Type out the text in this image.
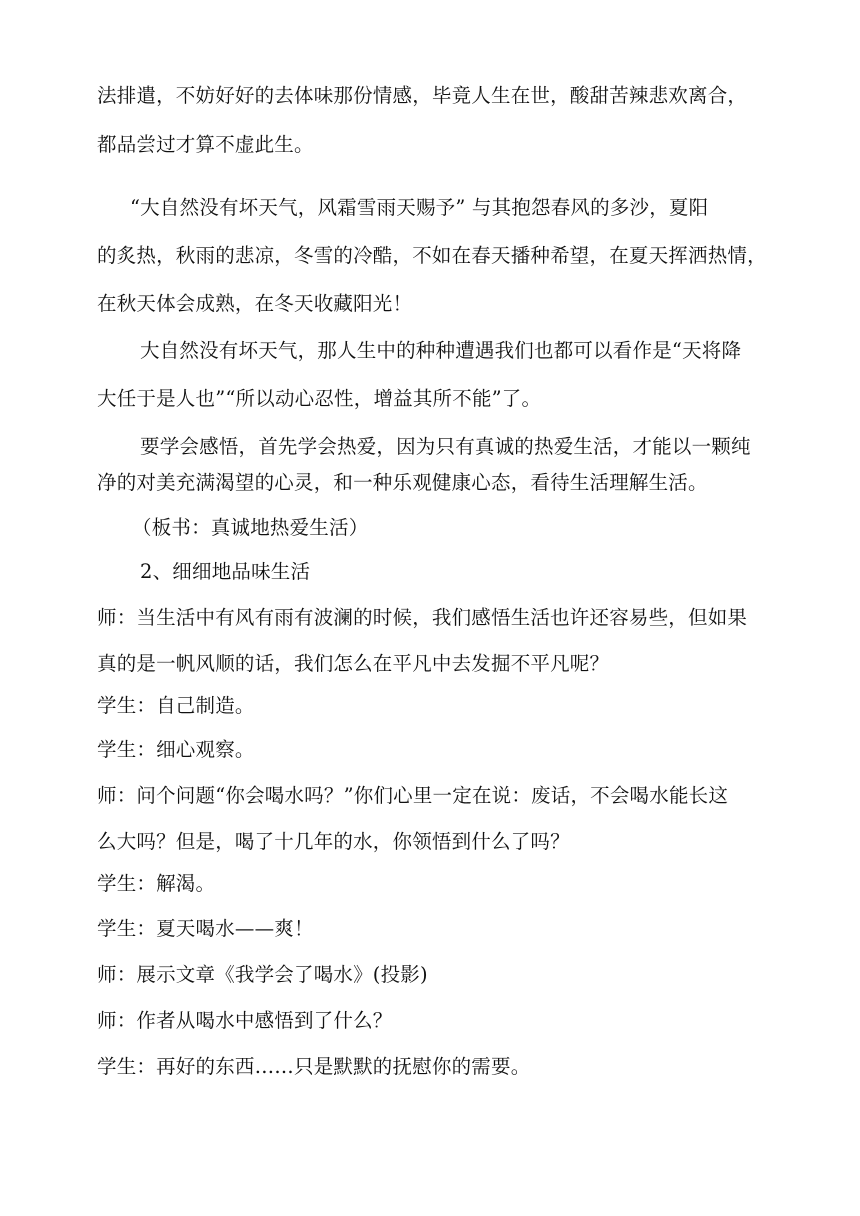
法排遣，不妨好好的去体味那份情感，毕竟人生在世，酸甜苦辣悲欢离合，
都品尝过才算不虚此生。
“大自然没有坏天气，风霜雪雨天赐予” 与其抱怨春风的多沙，夏阳
的炙热，秋雨的悲凉，冬雪的冷酷，不如在春天播种希望，在夏天挥洒热情，
在秋天体会成熟，在冬天收藏阳光！
大自然没有坏天气，那人生中的种种遭遇我们也都可以看作是“天将降
大任于是人也”“所以动心忍性，增益其所不能”了。
要学会感悟，首先学会热爱，因为只有真诚的热爱生活，才能以一颗纯
净的对美充满渴望的心灵，和一种乐观健康心态，看待生活理解生活。
（板书：真诚地热爱生活）
2、细细地品味生活
师：当生活中有风有雨有波澜的时候，我们感悟生活也许还容易些，但如果
真的是一帆风顺的话，我们怎么在平凡中去发掘不平凡呢？
学生：自己制造。
学生：细心观察。
师：问个问题“你会喝水吗？”你们心里一定在说：废话，不会喝水能长这
么大吗？但是，喝了十几年的水，你领悟到什么了吗？
学生：解渴。
学生：夏天喝水——爽！
师：展示文章《我学会了喝水》(投影)
师：作者从喝水中感悟到了什么？
学生：再好的东西……只是默默的抚慰你的需要。
